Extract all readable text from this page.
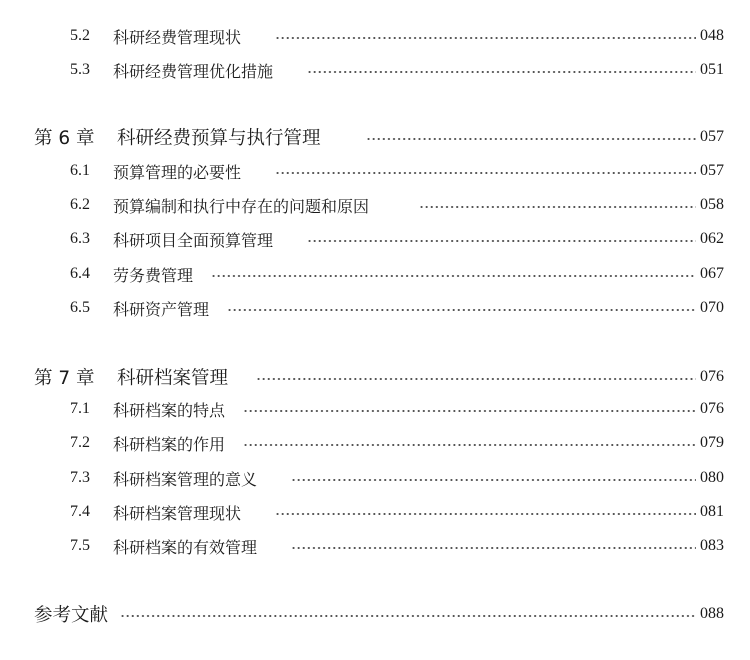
5.2 科研经费管理现状	048
5.3 科研经费管理优化措施	051
第 6 章 科研经费预算与执行管理	057
6.1 预算管理的必要性	057
6.2 预算编制和执行中存在的问题和原因	058
6.3 科研项目全面预算管理	062
6.4 劳务费管理	067
6.5 科研资产管理	070
第 7 章 科研档案管理	076
7.1 科研档案的特点	076
7.2 科研档案的作用	079
7.3 科研档案管理的意义	080
7.4 科研档案管理现状	081
7.5 科研档案的有效管理	083
参考文献	088
